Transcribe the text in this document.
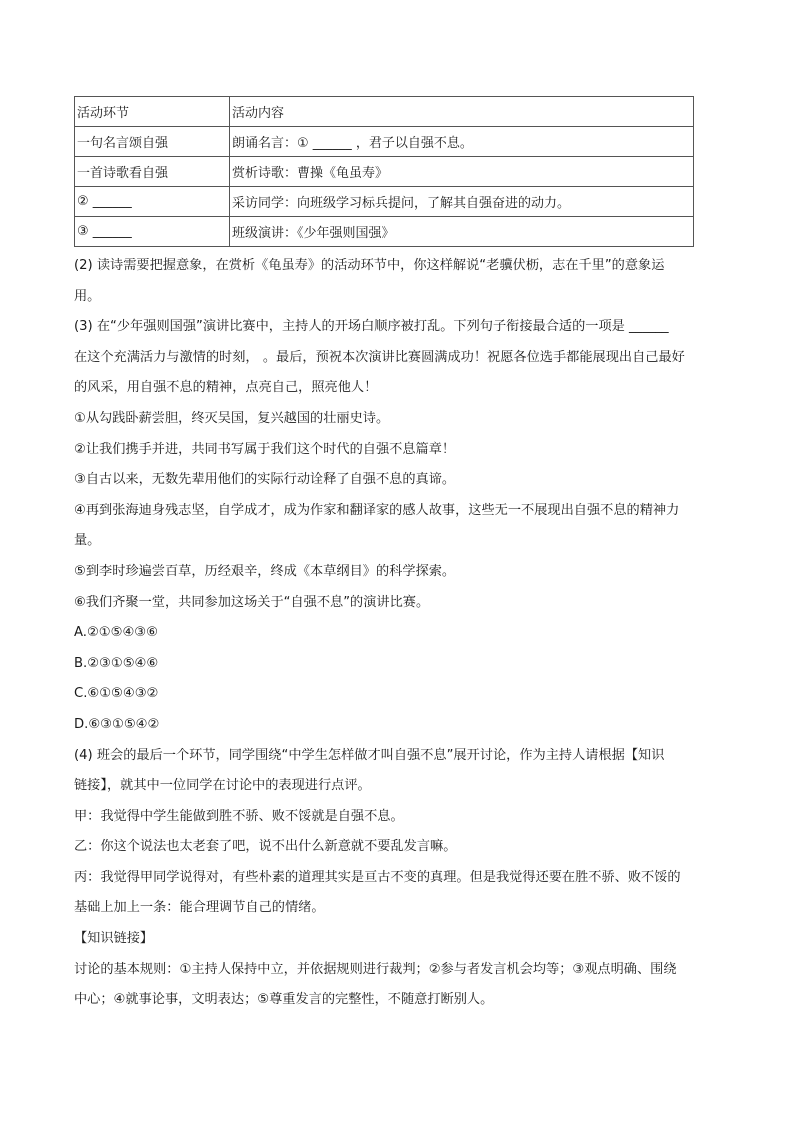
活动环节	活动内容
一句名言颂自强	朗诵名言：① ______ ，君子以自强不息。
一首诗歌看自强	赏析诗歌：曹操《龟虽寿》
② ______	采访同学：向班级学习标兵提问，了解其自强奋进的动力。
③ ______	班级演讲：《少年强则国强》

(2) 读诗需要把握意象，在赏析《龟虽寿》的活动环节中，你这样解说“老骥伏枥，志在千里”的意象运

用。

(3) 在“少年强则国强”演讲比赛中，主持人的开场白顺序被打乱。下列句子衔接最合适的一项是 ______

在这个充满活力与激情的时刻， 。最后，预祝本次演讲比赛圆满成功！祝愿各位选手都能展现出自己最好

的风采，用自强不息的精神，点亮自己，照亮他人！

①从勾践卧薪尝胆，终灭吴国，复兴越国的壮丽史诗。

②让我们携手并进，共同书写属于我们这个时代的自强不息篇章！

③自古以来，无数先辈用他们的实际行动诠释了自强不息的真谛。

④再到张海迪身残志坚，自学成才，成为作家和翻译家的感人故事，这些无一不展现出自强不息的精神力

量。

⑤到李时珍遍尝百草，历经艰辛，终成《本草纲目》的科学探索。

⑥我们齐聚一堂，共同参加这场关于“自强不息”的演讲比赛。

A.②①⑤④③⑥

B.②③①⑤④⑥

C.⑥①⑤④③②

D.⑥③①⑤④②

(4) 班会的最后一个环节，同学围绕“中学生怎样做才叫自强不息”展开讨论，作为主持人请根据【知识

链接】，就其中一位同学在讨论中的表现进行点评。

甲：我觉得中学生能做到胜不骄、败不馁就是自强不息。

乙：你这个说法也太老套了吧，说不出什么新意就不要乱发言嘛。

丙：我觉得甲同学说得对，有些朴素的道理其实是亘古不变的真理。但是我觉得还要在胜不骄、败不馁的

基础上加上一条：能合理调节自己的情绪。

【知识链接】

讨论的基本规则：①主持人保持中立，并依据规则进行裁判；②参与者发言机会均等；③观点明确、围绕

中心；④就事论事，文明表达；⑤尊重发言的完整性，不随意打断别人。
